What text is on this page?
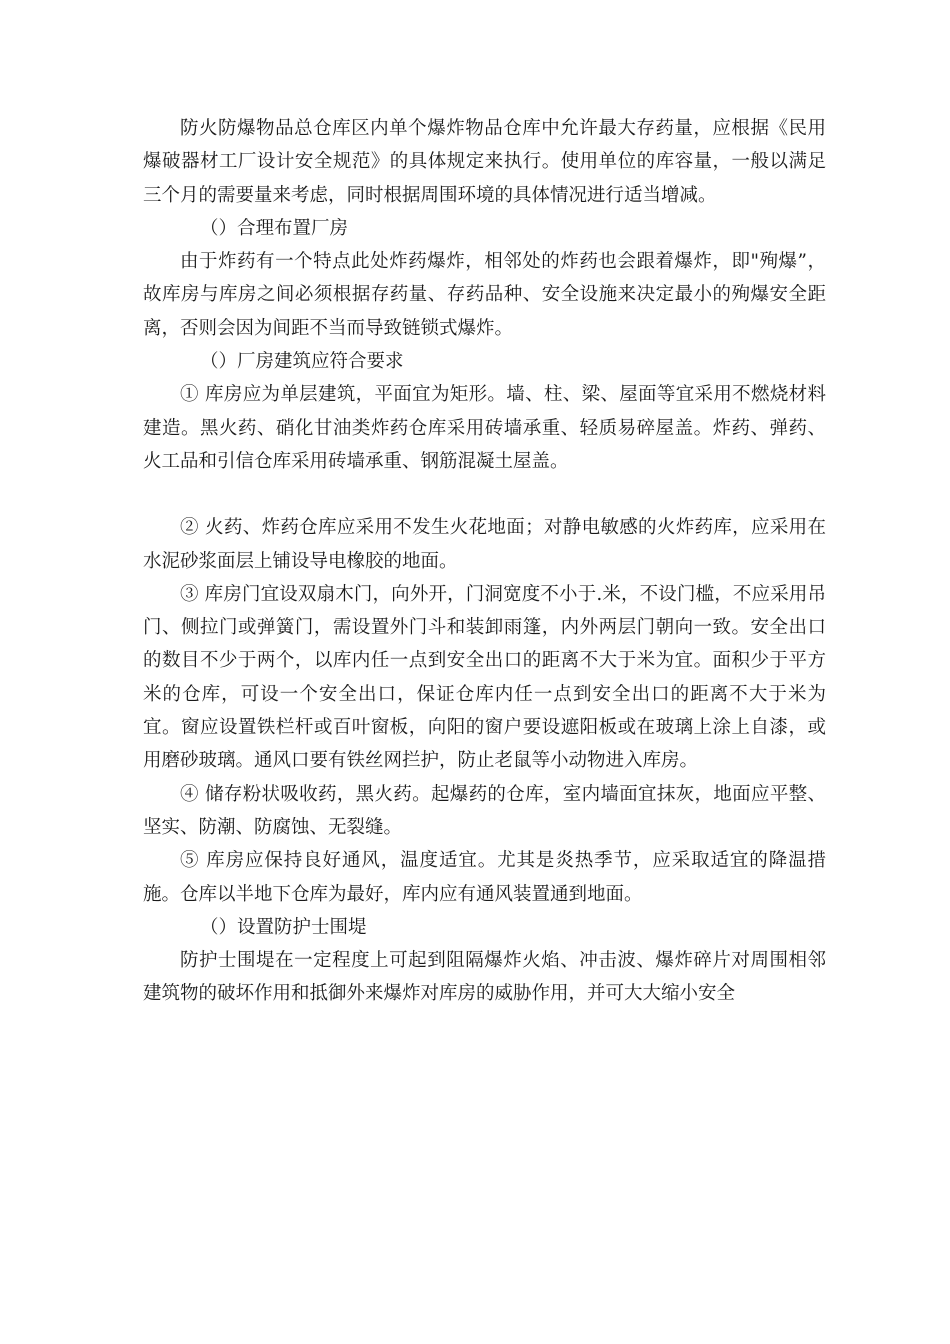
防火防爆物品总仓库区内单个爆炸物品仓库中允许最大存药量，应根据《民用爆破器材工厂设计安全规范》的具体规定来执行。使用单位的库容量，一般以满足三个月的需要量来考虑，同时根据周围环境的具体情况进行适当增减。

（）合理布置厂房

由于炸药有一个特点此处炸药爆炸，相邻处的炸药也会跟着爆炸，即"殉爆”，故库房与库房之间必须根据存药量、存药品种、安全设施来决定最小的殉爆安全距离，否则会因为间距不当而导致链锁式爆炸。

（）厂房建筑应符合要求

① 库房应为单层建筑，平面宜为矩形。墙、柱、梁、屋面等宜采用不燃烧材料建造。黑火药、硝化甘油类炸药仓库采用砖墙承重、轻质易碎屋盖。炸药、弹药、火工品和引信仓库采用砖墙承重、钢筋混凝土屋盖。

② 火药、炸药仓库应采用不发生火花地面；对静电敏感的火炸药库，应采用在水泥砂浆面层上铺设导电橡胶的地面。

③ 库房门宜设双扇木门，向外开，门洞宽度不小于.米，不设门槛，不应采用吊门、侧拉门或弹簧门，需设置外门斗和装卸雨篷，内外两层门朝向一致。安全出口的数目不少于两个，以库内任一点到安全出口的距离不大于米为宜。面积少于平方米的仓库，可设一个安全出口，保证仓库内任一点到安全出口的距离不大于米为宜。窗应设置铁栏杆或百叶窗板，向阳的窗户要设遮阳板或在玻璃上涂上自漆，或用磨砂玻璃。通风口要有铁丝网拦护，防止老鼠等小动物进入库房。

④ 储存粉状吸收药，黑火药。起爆药的仓库，室内墙面宜抹灰，地面应平整、坚实、防潮、防腐蚀、无裂缝。

⑤ 库房应保持良好通风，温度适宜。尤其是炎热季节，应采取适宜的降温措施。仓库以半地下仓库为最好，库内应有通风装置通到地面。

（）设置防护士围堤

防护士围堤在一定程度上可起到阻隔爆炸火焰、冲击波、爆炸碎片对周围相邻建筑物的破坏作用和抵御外来爆炸对库房的威胁作用，并可大大缩小安全
